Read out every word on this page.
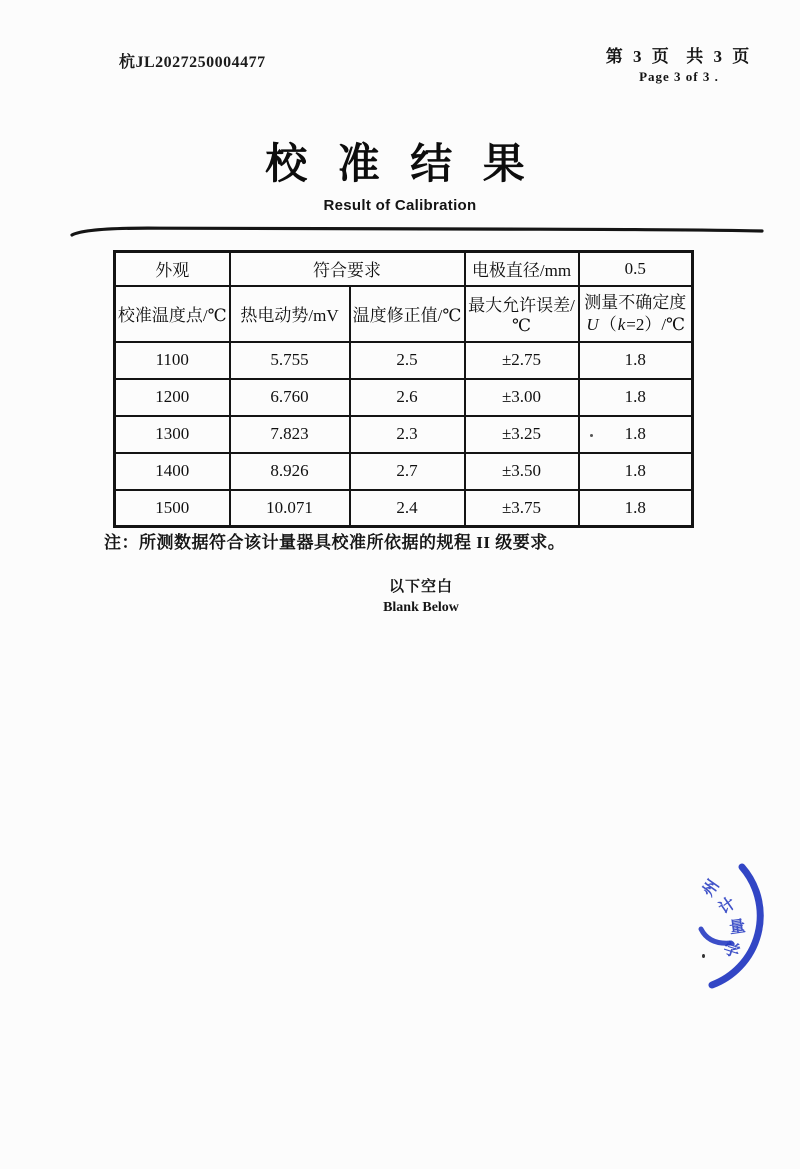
杭JL2027250004477	第 3 页  共 3 页
Page 3 of 3 .
校 准 结 果
Result of Calibration
外观	符合要求		电极直径/mm	0.5
校准温度点/℃	热电动势/mV	温度修正值/℃	最大允许误差/℃	测量不确定度
U（k=2）/℃

1100	5.755	2.5	±2.75	1.8
1200	6.760	2.6	±3.00	1.8
1300	7.823	2.3	±3.25	1.8
1400	8.926	2.7	±3.50	1.8
1500	10.071	2.4	±3.75	1.8
注：所测数据符合该计量器具校准所依据的规程 II 级要求。
以下空白
Blank Below
州
计
量
学
